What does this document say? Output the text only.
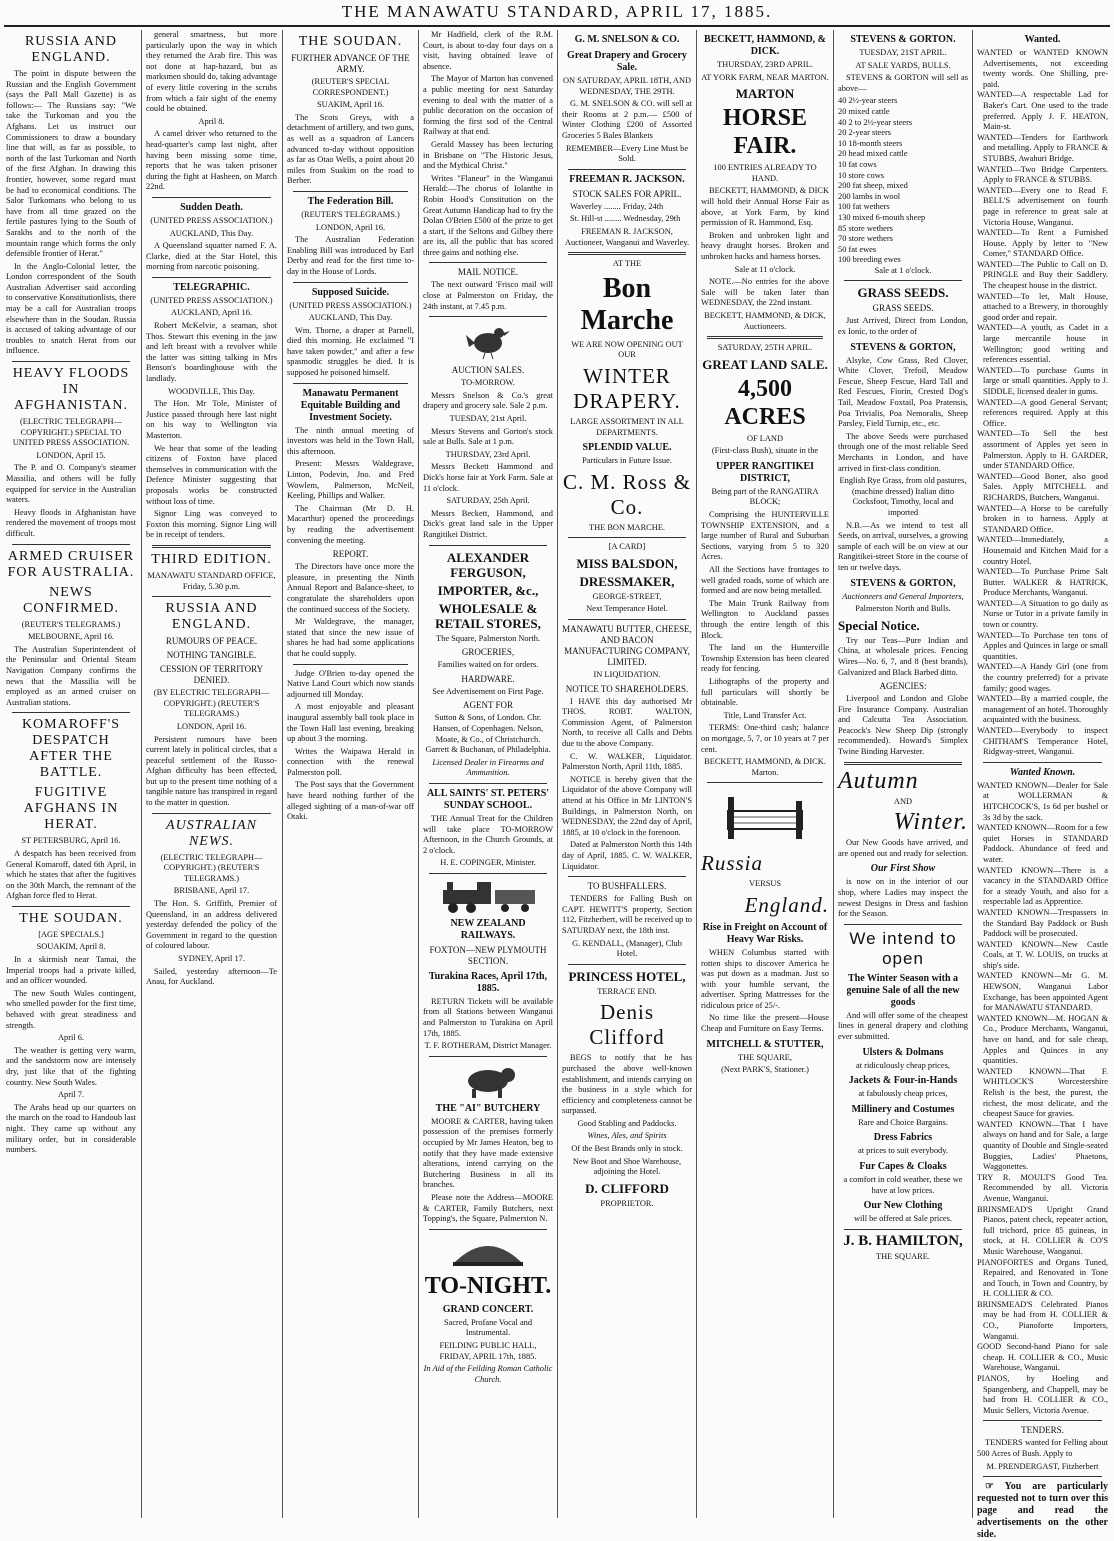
THE MANAWATU STANDARD, APRIL 17, 1885.
RUSSIA AND ENGLAND.

The point in dispute between the Russian and the English Government (says the Pall Mall Gazette) is as follows:— The Russians say: "We take the Turkoman and you the Afghans. Let us instruct our Commissioners to draw a boundary line that will, as far as possible, to north of the last Turkoman and North of the first Afghan. In drawing this frontier, however, some regard must be had to economical conditions. The Salor Turkomans who belong to us have from all time grazed on the fertile pastures lying to the South of Sarakhs and to the north of the mountain range which forms the only defensible frontier of Herat."

In the Anglo-Colonial letter, the London correspondent of the South Australian Advertiser said according to conservative Konstitutionlists, there may be a call for Australian troops elsewhere than in the Soudan. Russia is accused of taking advantage of our troubles to snatch Herat from our influence.

HEAVY FLOODS IN AFGHANISTAN.

(ELECTRIC TELEGRAPH—COPYRIGHT.) SPECIAL TO UNITED PRESS ASSOCIATION.

LONDON, April 15.

The P. and O. Company's steamer Massilia, and others will be fully equipped for service in the Australian waters.

Heavy floods in Afghanistan have rendered the movement of troops most difficult.

ARMED CRUISER FOR AUSTRALIA.
NEWS CONFIRMED.

(REUTER'S TELEGRAMS.)

MELBOURNE, April 16.

The Australian Superintendent of the Peninsular and Oriental Steam Navigation Company confirms the news that the Massilia will be employed as an armed cruiser on Australian stations.

KOMAROFF'S DESPATCH AFTER THE BATTLE.
FUGITIVE AFGHANS IN HERAT.

ST PETERSBURG, April 16.

A despatch has been received from General Komaroff, dated 6th April, in which he states that after the fugitives on the 30th March, the remnant of the Afghan force fled to Herat.

THE SOUDAN.

[AGE SPECIALS.]

SOUAKIM, April 8.

In a skirmish near Tamai, the Imperial troops had a private killed, and an officer wounded.

The new South Wales contingent, who smelled powder for the first time, behaved with great steadiness and strength.

April 6.

The weather is getting very warm, and the sandstorm now are intensely dry, just like that of the fighting country. New South Wales.

April 7.

The Arabs head up our quarters on the march on the road to Handoub last night. They came up without any military order, but in considerable numbers.

general smartness, but more particularly upon the way in which they returned the Arab fire. This was not done at hap-hazard, but as marksmen should do, taking advantage of every little covering in the scrubs from which a fair sight of the enemy could be obtained.

April 8.

A camel driver who returned to the head-quarter's camp last night, after having been missing some time, reports that he was taken prisoner during the fight at Hasheen, on March 22nd.

Sudden Death.

(UNITED PRESS ASSOCIATION.)

AUCKLAND, This Day.

A Queensland squatter named F. A. Clarke, died at the Star Hotel, this morning from narcotic poisoning.

TELEGRAPHIC.

(UNITED PRESS ASSOCIATION.)

AUCKLAND, April 16.

Robert McKelvie, a seaman, shot Thos. Stewart this evening in the jaw and left breast with a revolver while the latter was sitting talking in Mrs Benson's boardinghouse with the landlady.

WOODVILLE, This Day.

The Hon. Mr Tole, Minister of Justice passed through here last night on his way to Wellington via Masterton.

We hear that some of the leading citizens of Foxton have placed themselves in communication with the Defence Minister suggesting that proposals works be constructed without loss of time.

Signor Ling was conveyed to Foxton this morning. Signor Ling will be in receipt of tenders.

THIRD EDITION.

MANAWATU STANDARD OFFICE, Friday, 5.30 p.m.

RUSSIA AND ENGLAND.
RUMOURS OF PEACE.
NOTHING TANGIBLE.
CESSION OF TERRITORY DENIED.

(BY ELECTRIC TELEGRAPH—COPYRIGHT.) (REUTER'S TELEGRAMS.)

LONDON, April 16.

Persistent rumours have been current lately in political circles, that a peaceful settlement of the Russo-Afghan difficulty has been effected, but up to the present time nothing of a tangible nature has transpired in regard to the matter in question.

AUSTRALIAN NEWS.

(ELECTRIC TELEGRAPH—COPYRIGHT.) (REUTER'S TELEGRAMS.)

BRISBANE, April 17.

The Hon. S. Griffith, Premier of Queensland, in an address delivered yesterday defended the policy of the Government in regard to the question of coloured labour.

SYDNEY, April 17.

Sailed, yesterday afternoon—Te Anau, for Auckland.

THE SOUDAN.
FURTHER ADVANCE OF THE ARMY.

(REUTER'S SPECIAL CORRESPONDENT.)

SUAKIM, April 16.

The Scots Greys, with a detachment of artillery, and two guns, as well as a squadron of Lancers advanced to-day without opposition as far as Otao Wells, a point about 20 miles from Suakim on the road to Berber.

The Federation Bill.

(REUTER'S TELEGRAMS.)

LONDON, April 16.

The Australian Federation Enabling Bill was introduced by Earl Derby and read for the first time to-day in the House of Lords.

Supposed Suicide.

(UNITED PRESS ASSOCIATION.)

AUCKLAND, This Day.

Wm. Thorne, a draper at Parnell, died this morning. He exclaimed "I have taken powder," and after a few spasmodic struggles he died. It is supposed he poisoned himself.

Manawatu Permanent Equitable Building and Investment Society.

The ninth annual meeting of investors was held in the Town Hall, this afternoon.

Present: Messrs Waldegrave, Linton, Podevin, Jno. and Fred Wowlem, Palmerson, McNeil, Keeling, Phillips and Walker.

The Chairman (Mr D. H. Macarthur) opened the proceedings by reading the advertisement convening the meeting.

REPORT.

The Directors have once more the pleasure, in presenting the Ninth Annual Report and Balance-sheet, to congratulate the shareholders upon the continued success of the Society.

Mr Waldegrave, the manager, stated that since the new issue of shares he had had some applications that he could supply.

Judge O'Brien to-day opened the Native Land Court which now stands adjourned till Monday.

A most enjoyable and pleasant inaugural assembly ball took place in the Town Hall last evening, breaking up about 3 the morning.

Writes the Waipawa Herald in connection with the renewal Palmerston poll.

The Post says that the Government have heard nothing further of the alleged sighting of a man-of-war off Otaki.

Mr Hadfield, clerk of the R.M. Court, is about to-day four days on a visit, having obtained leave of absence.

The Mayor of Marton has convened a public meeting for next Saturday evening to deal with the matter of a public decoration on the occasion of forming the first sod of the Central Railway at that end.

Gerald Massey has been lecturing in Brisbane on "The Historic Jesus, and the Mythical Christ."

Writes "Flaneur" in the Wanganui Herald:—The chorus of Iolanthe in Robin Hood's Constitution on the Great Autumn Handicap had to fry the Dolan O'Brien £500 of the prize to get a start, if the Seltons and Gilbey there are its, all the public that has scored three gains and nothing else.

MAIL NOTICE.

The next outward 'Frisco mail will close at Palmerston on Friday, the 24th instant, at 7.45 p.m.

AUCTION SALES.

TO-MORROW.

Messrs Snelson & Co.'s great drapery and grocery sale. Sale 2 p.m.

TUESDAY, 21st April.

Messrs Stevens and Gorton's stock sale at Bulls. Sale at 1 p.m.

THURSDAY, 23rd April.

Messrs Beckett Hammond and Dick's horse fair at York Farm. Sale at 11 o'clock.

SATURDAY, 25th April.

Messrs Beckett, Hammond, and Dick's great land sale in the Upper Rangitikei District.

ALEXANDER FERGUSON,
IMPORTER, &c.,
WHOLESALE & RETAIL STORES,

The Square, Palmerston North.

GROCERIES,

Families waited on for orders.

HARDWARE.

See Advertisement on First Page.

AGENT FOR

Sutton & Sons, of London. Chr. Hansen, of Copenhagen. Nelson, Moate, & Co., of Christchurch. Garrett & Buchanan, of Philadelphia.

Licensed Dealer in Firearms and Ammunition.

ALL SAINTS' ST. PETERS' SUNDAY SCHOOL.

THE Annual Treat for the Children will take place TO-MORROW Afternoon, in the Church Grounds, at 2 o'clock.

H. E. COPINGER, Minister.

NEW ZEALAND RAILWAYS.
FOXTON—NEW PLYMOUTH SECTION.
Turakina Races, April 17th, 1885.

RETURN Tickets will be available from all Stations between Wanganui and Palmerston to Turakina on April 17th, 1885.

T. F. ROTHERAM, District Manager.

THE "AI" BUTCHERY

MOORE & CARTER, having taken possession of the premises formerly occupied by Mr James Heaton, beg to notify that they have made extensive alterations, intend carrying on the Butchering Business in all its branches.

Please note the Address—MOORE & CARTER, Family Butchers, next Topping's, the Square, Palmerston N.

TO-NIGHT.
GRAND CONCERT.

Sacred, Profane Vocal and Instrumental.

FEILDING PUBLIC HALL, FRIDAY, APRIL 17th, 1885.

In Aid of the Feilding Roman Catholic Church.

G. M. SNELSON & CO.
Great Drapery and Grocery Sale.

ON SATURDAY, APRIL 18TH, AND WEDNESDAY, THE 29TH.

G. M. SNELSON & CO. will sell at their Rooms at 2 p.m.— £500 of Winter Clothing £200 of Assorted Groceries 5 Bales Blankets

REMEMBER—Every Line Must be Sold.

FREEMAN R. JACKSON.
STOCK SALES FOR APRIL.

Waverley ........ Friday, 24th

St. Hill-st ........ Wednesday, 29th

FREEMAN R. JACKSON, Auctioneer, Wanganui and Waverley.

AT THE

Bon Marche

WE ARE NOW OPENING OUT OUR

WINTER DRAPERY.

LARGE ASSORTMENT IN ALL DEPARTMENTS.

SPLENDID VALUE.

Particulars in Future Issue.

C. M. Ross & Co.

THE BON MARCHE.

[A CARD]

MISS BALSDON,
DRESSMAKER,

GEORGE-STREET,

Next Temperance Hotel.

MANAWATU BUTTER, CHEESE, AND BACON MANUFACTURING COMPANY, LIMITED.

IN LIQUIDATION.

NOTICE TO SHAREHOLDERS.

I HAVE this day authorised Mr THOS. ROBT. WALTON, Commission Agent, of Palmerston North, to receive all Calls and Debts due to the above Company.

C. W. WALKER, Liquidator. Palmerston North, April 11th, 1885.

NOTICE is hereby given that the Liquidator of the above Company will attend at his Office in Mr LINTON'S Buildings, in Palmerston North, on WEDNESDAY, the 22nd day of April, 1885, at 10 o'clock in the forenoon.

Dated at Palmerston North this 14th day of April, 1885. C. W. WALKER, Liquidator.

TO BUSHFALLERS.

TENDERS for Falling Bush on CAPT. HEWITT'S property, Section 112, Fitzherbert, will be received up to SATURDAY next, the 18th inst.

G. KENDALL, (Manager), Club Hotel.

PRINCESS HOTEL,

TERRACE END.

Denis Clifford

BEGS to notify that he has purchased the above well-known establishment, and intends carrying on the business in a style which for efficiency and completeness cannot be surpassed.

Good Stabling and Paddocks.

Wines, Ales, and Spirits

Of the Best Brands only in stock.

New Boot and Shoe Warehouse, adjoining the Hotel.

D. CLIFFORD

PROPRIETOR.

BECKETT, HAMMOND, & DICK.

THURSDAY, 23RD APRIL.

AT YORK FARM, NEAR MARTON.

MARTON
HORSE FAIR.

100 ENTRIES ALREADY TO HAND.

BECKETT, HAMMOND, & DICK will hold their Annual Horse Fair as above, at York Farm, by kind permission of R. Hammond, Esq.

Broken and unbroken light and heavy draught horses. Broken and unbroken hacks and harness horses.

Sale at 11 o'clock.

NOTE.—No entries for the above Sale will be taken later than WEDNESDAY, the 22nd instant.

BECKETT, HAMMOND, & DICK, Auctioneers.

SATURDAY, 25TH APRIL.

GREAT LAND SALE.
4,500 ACRES

OF LAND

(First-class Bush), situate in the

UPPER RANGITIKEI DISTRICT,

Being part of the RANGATIRA BLOCK;

Comprising the HUNTERVILLE TOWNSHIP EXTENSION, and a large number of Rural and Suburban Sections, varying from 5 to 320 Acres.

All the Sections have frontages to well graded roads, some of which are formed and are now being metalled.

The Main Trunk Railway from Wellington to Auckland passes through the entire length of this Block.

The land on the Hunterville Township Extension has been cleared ready for fencing.

Lithographs of the property and full particulars will shortly be obtainable.

Title, Land Transfer Act.

TERMS: One-third cash; balance on mortgage, 5, 7, or 10 years at 7 per cent.

BECKETT, HAMMOND, & DICK. Marton.

Russia

VERSUS

England.
Rise in Freight on Account of Heavy War Risks.

WHEN Columbus started with rotten ships to discover America he was put down as a madman. Just so with your humble servant, the advertiser. Spring Mattresses for the ridiculous price of 25/-.

No time like the present—House Cheap and Furniture on Easy Terms.

MITCHELL & STUTTER,

THE SQUARE,

(Next PARK'S, Stationer.)

STEVENS & GORTON.

TUESDAY, 21ST APRIL.

AT SALE YARDS, BULLS.

STEVENS & GORTON will sell as above—

40 2½-year steers
20 mixed cattle
40 2 to 2½-year steers
20 2-year steers
10 18-month steers
20 head mixed cattle
10 fat cows
10 store cows
200 fat sheep, mixed
200 lambs in wool
100 fat wethers
130 mixed 6-mouth sheep
85 store wethers
70 store wethers
50 fat ewes
100 breeding ewes

Sale at 1 o'clock.

GRASS SEEDS.
GRASS SEEDS.

Just Arrived, Direct from London, ex Ionic, to the order of

STEVENS & GORTON,

Alsyke, Cow Grass, Red Clover, White Clover, Trefoil, Meadow Fescue, Sheep Fescue, Hard Tall and Red Fescues, Fiorin, Crested Dog's Tail, Meadow Foxtail, Poa Pratensis, Poa Trivialis, Poa Nemoralis, Sheep Parsley, Field Turnip, etc., etc.

The above Seeds were purchased through one of the most reliable Seed Merchants in London, and have arrived in first-class condition.

English Rye Grass, from old pastures, (machine dressed) Italian ditto Cocksfoot, Timothy, local and imported

N.B.—As we intend to test all Seeds, on arrival, ourselves, a growing sample of each will be on view at our Rangitikei-street Store in the course of ten or twelve days.

STEVENS & GORTON,

Auctioneers and General Importers,

Palmerston North and Bulls.

Special Notice.

Try our Teas—Pure Indian and China, at wholesale prices. Fencing Wires—No. 6, 7, and 8 (best brands), Galvanized and Black Barbed ditto.

AGENCIES:

Liverpool and London and Globe Fire Insurance Company. Australian and Calcutta Tea Association. Peacock's New Sheep Dip (strongly recommended). Howard's Simplex Twine Binding Harvester.

Autumn

AND

Winter.

Our New Goods have arrived, and are opened out and ready for selection.

Our First Show

is now on in the interior of our shop, where Ladies may inspect the newest Designs in Dress and fashion for the Season.

We intend to open
The Winter Season with a genuine Sale of all the new goods

And will offer some of the cheapest lines in general drapery and clothing ever submitted.

Ulsters & Dolmans

at ridiculously cheap prices,

Jackets & Four-in-Hands

at fabulously cheap prices,

Millinery and Costumes

Rare and Choice Bargains.

Dress Fabrics

at prices to suit everybody.

Fur Capes & Cloaks

a comfort in cold weather, these we have at low prices.

Our New Clothing

will be offered at Sale prices.

J. B. HAMILTON,

THE SQUARE.

Wanted.
WANTED or WANTED KNOWN Advertisements, not exceeding twenty words. One Shilling, pre-paid.
WANTED—A respectable Lad for Baker's Cart. One used to the trade preferred. Apply J. F. HEATON, Main-st.
WANTED—Tenders for Earthwork and metalling. Apply to FRANCE & STUBBS, Awahuri Bridge.
WANTED—Two Bridge Carpenters. Apply to FRANCE & STUBBS.
WANTED—Every one to Read F. BELL'S advertisement on fourth page in reference to great sale at Victoria House, Wanganui.
WANTED—To Rent a Furnished House. Apply by letter to "New Comer," STANDARD Office.
WANTED—The Public to Call on D. PRINGLE and Buy their Saddlery. The cheapest house in the district.
WANTED—To let, Malt House, attached to a Brewery, in thoroughly good order and repair.
WANTED—A youth, as Cadet in a large mercantile house in Wellington; good writing and references essential.
WANTED—To purchase Gums in large or small quantities. Apply to J. SIDDLE, licensed dealer in gums.
WANTED—A good General Servant; references required. Apply at this Office.
WANTED—To Sell the best assortment of Apples yet seen in Palmerston. Apply to H. GARDER, under STANDARD Office.
WANTED—Good Boner, also good Sales. Apply MITCHELL and RICHARDS, Butchers, Wanganui.
WANTED—A Horse to be carefully broken in to harness. Apply at STANDARD Office.
WANTED—Immediately, a Housemaid and Kitchen Maid for a country Hotel.
WANTED—To Purchase Prime Salt Butter. WALKER & HATRICK, Produce Merchants, Wanganui.
WANTED—A Situation to go daily as Nurse or Tutor in a private family in town or country.
WANTED—To Purchase ten tons of Apples and Quinces in large or small quantities.
WANTED—A Handy Girl (one from the country preferred) for a private family; good wages.
WANTED—By a married couple, the management of an hotel. Thoroughly acquainted with the business.
WANTED—Everybody to inspect CHITHAM'S Temperance Hotel, Ridgway-street, Wanganui.
Wanted Known.
WANTED KNOWN—Dealer for Sale at WOLLERMAN & HITCHCOCK'S, 1s 6d per bushel or 3s 3d by the sack.
WANTED KNOWN—Room for a few quiet Horses in STANDARD Paddock. Abundance of feed and water.
WANTED KNOWN—There is a vacancy in the STANDARD Office for a steady Youth, and also for a respectable lad as Apprentice.
WANTED KNOWN—Trespassers in the Standard Bay Paddock or Bush Paddock will be prosecuted.
WANTED KNOWN—New Castle Coals, at T. W. LOUIS, on trucks at ship's side.
WANTED KNOWN—Mr G. M. HEWSON, Wanganui Labor Exchange, has been appointed Agent for MANAWATU STANDARD.
WANTED KNOWN—M. HOGAN & Co., Produce Merchants, Wanganui, have on hand, and for sale cheap, Apples and Quinces in any quantities.
WANTED KNOWN—That F. WHITLOCK'S Worcestershire Relish is the best, the purest, the richest, the most delicate, and the cheapest Sauce for gravies.
WANTED KNOWN—That I have always on hand and for Sale, a large quantity of Double and Single-seated Buggies, Ladies' Phaetons, Waggonettes.
TRY R. MOULT'S Good Tea. Recommended by all. Victoria Avenue, Wanganui.
BRINSMEAD'S Upright Grand Pianos, patent check, repeater action, full trichord, price 85 guineas, in stock, at H. COLLIER & CO'S Music Warehouse, Wanganui.
PIANOFORTES and Organs Tuned, Repaired, and Renovated in Tone and Touch, in Town and Country, by H. COLLIER & CO.
BRINSMEAD'S Celebrated Pianos may be had from H. COLLIER & CO., Pianoforte Importers, Wanganui.
GOOD Second-hand Piano for sale cheap. H. COLLIER & CO., Music Warehouse, Wanganui.
PIANOS, by Hoeling and Spangenberg, and Chappell, may be had from H. COLLIER & CO., Music Sellers, Victoria Avenue.
TENDERS.

TENDERS wanted for Felling about 500 Acres of Bush. Apply to

M. PRENDERGAST, Fitzherbert

☞ You are particularly requested not to turn over this page and read the advertisements on the other side.
